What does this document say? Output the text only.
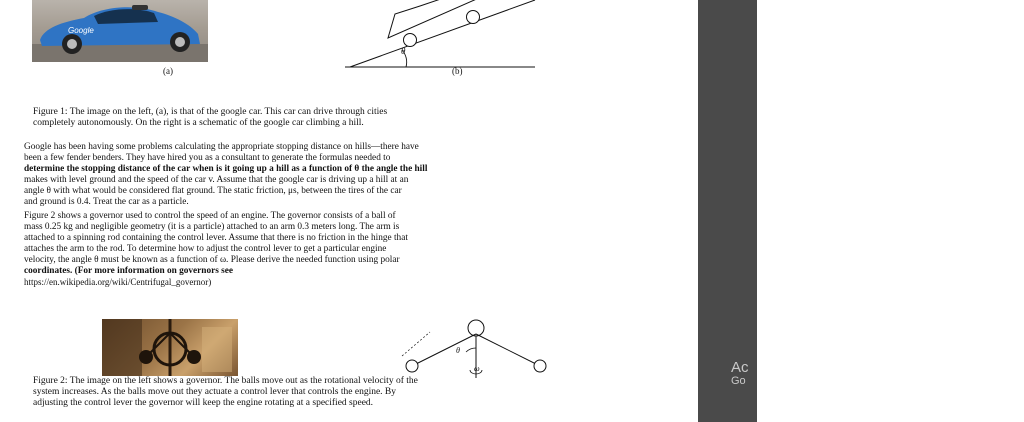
Google
(a)
θ
(b)
Figure 1: The image on the left, (a), is that of the google car. This car can drive through cities
completely autonomously. On the right is a schematic of the google car climbing a hill.
Google has been having some problems calculating the appropriate stopping distance on hills—there have
been a few fender benders. They have hired you as a consultant to generate the formulas needed to
determine the stopping distance of the car when is it going up a hill as a function of θ the angle the hill
makes with level ground and the speed of the car v. Assume that the google car is driving up a hill at an
angle θ with what would be considered flat ground. The static friction, μs, between the tires of the car
and ground is 0.4. Treat the car as a particle.
Figure 2 shows a governor used to control the speed of an engine. The governor consists of a ball of
mass 0.25 kg and negligible geometry (it is a particle) attached to an arm 0.3 meters long. The arm is
attached to a spinning rod containing the control lever. Assume that there is no friction in the hinge that
attaches the arm to the rod. To determine how to adjust the control lever to get a particular engine
velocity, the angle θ must be known as a function of ω. Please derive the needed function using polar
coordinates. (For more information on governors see
https://en.wikipedia.org/wiki/Centrifugal_governor)
θ
ω
Figure 2: The image on the left shows a governor. The balls move out as the rotational velocity of the
system increases. As the balls move out they actuate a control lever that controls the engine. By
adjusting the control lever the governor will keep the engine rotating at a specified speed.
Ac
Go
